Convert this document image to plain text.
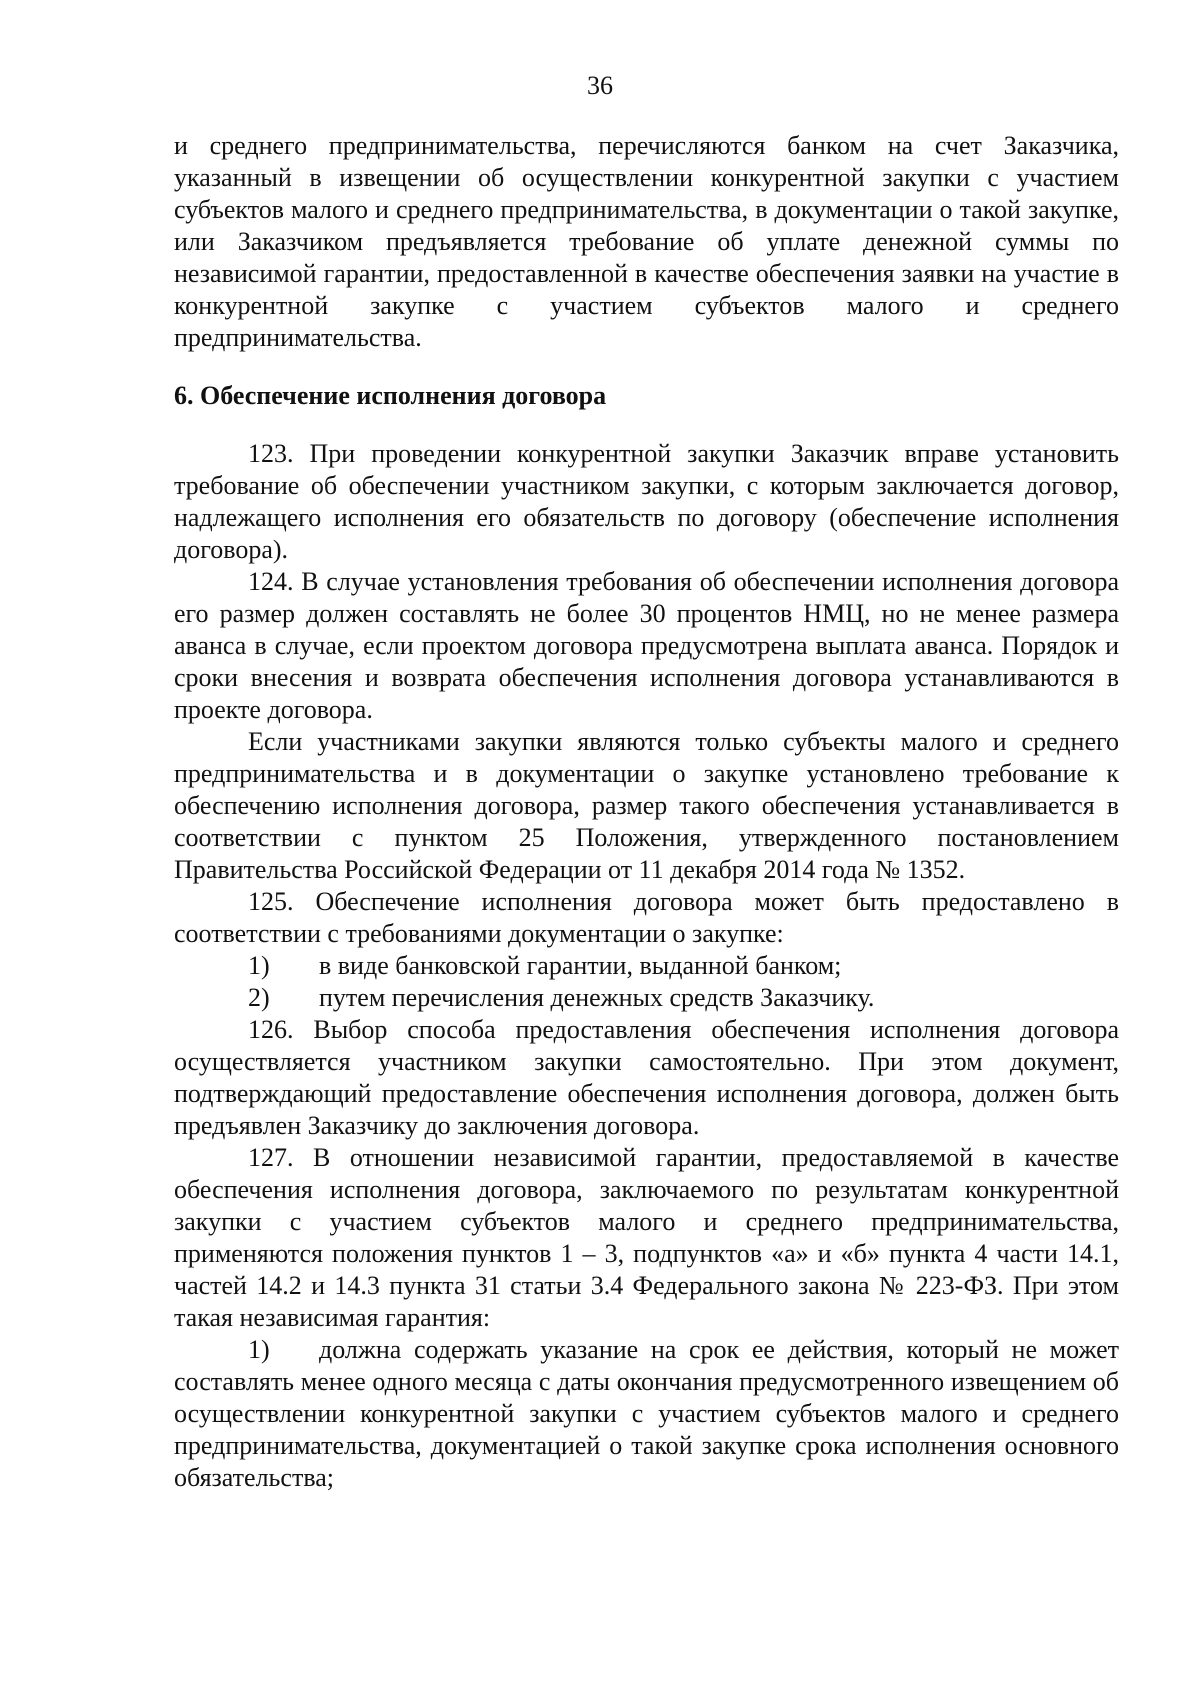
36

и среднего предпринимательства, перечисляются банком на счет Заказчика, указанный в извещении об осуществлении конкурентной закупки с участием субъектов малого и среднего предпринимательства, в документации о такой закупке, или Заказчиком предъявляется требование об уплате денежной суммы по независимой гарантии, предоставленной в качестве обеспечения заявки на участие в конкурентной закупке с участием субъектов малого и среднего предпринимательства.

6. Обеспечение исполнения договора

123. При проведении конкурентной закупки Заказчик вправе установить требование об обеспечении участником закупки, с которым заключается договор, надлежащего исполнения его обязательств по договору (обеспечение исполнения договора).

124. В случае установления требования об обеспечении исполнения договора его размер должен составлять не более 30 процентов НМЦ, но не менее размера аванса в случае, если проектом договора предусмотрена выплата аванса. Порядок и сроки внесения и возврата обеспечения исполнения договора устанавливаются в проекте договора.

Если участниками закупки являются только субъекты малого и среднего предпринимательства и в документации о закупке установлено требование к обеспечению исполнения договора, размер такого обеспечения устанавливается в соответствии с пунктом 25 Положения, утвержденного постановлением Правительства Российской Федерации от 11 декабря 2014 года № 1352.

125. Обеспечение исполнения договора может быть предоставлено в соответствии с требованиями документации о закупке:

1)	в виде банковской гарантии, выданной банком;
2)	путем перечисления денежных средств Заказчику.

126. Выбор способа предоставления обеспечения исполнения договора осуществляется участником закупки самостоятельно. При этом документ, подтверждающий предоставление обеспечения исполнения договора, должен быть предъявлен Заказчику до заключения договора.

127. В отношении независимой гарантии, предоставляемой в качестве обеспечения исполнения договора, заключаемого по результатам конкурентной закупки с участием субъектов малого и среднего предпринимательства, применяются положения пунктов 1 – 3, подпунктов «а» и «б» пункта 4 части 14.1, частей 14.2 и 14.3 пункта 31 статьи 3.4 Федерального закона № 223-ФЗ. При этом такая независимая гарантия:

1) должна содержать указание на срок ее действия, который не может составлять менее одного месяца с даты окончания предусмотренного извещением об осуществлении конкурентной закупки с участием субъектов малого и среднего предпринимательства, документацией о такой закупке срока исполнения основного обязательства;
